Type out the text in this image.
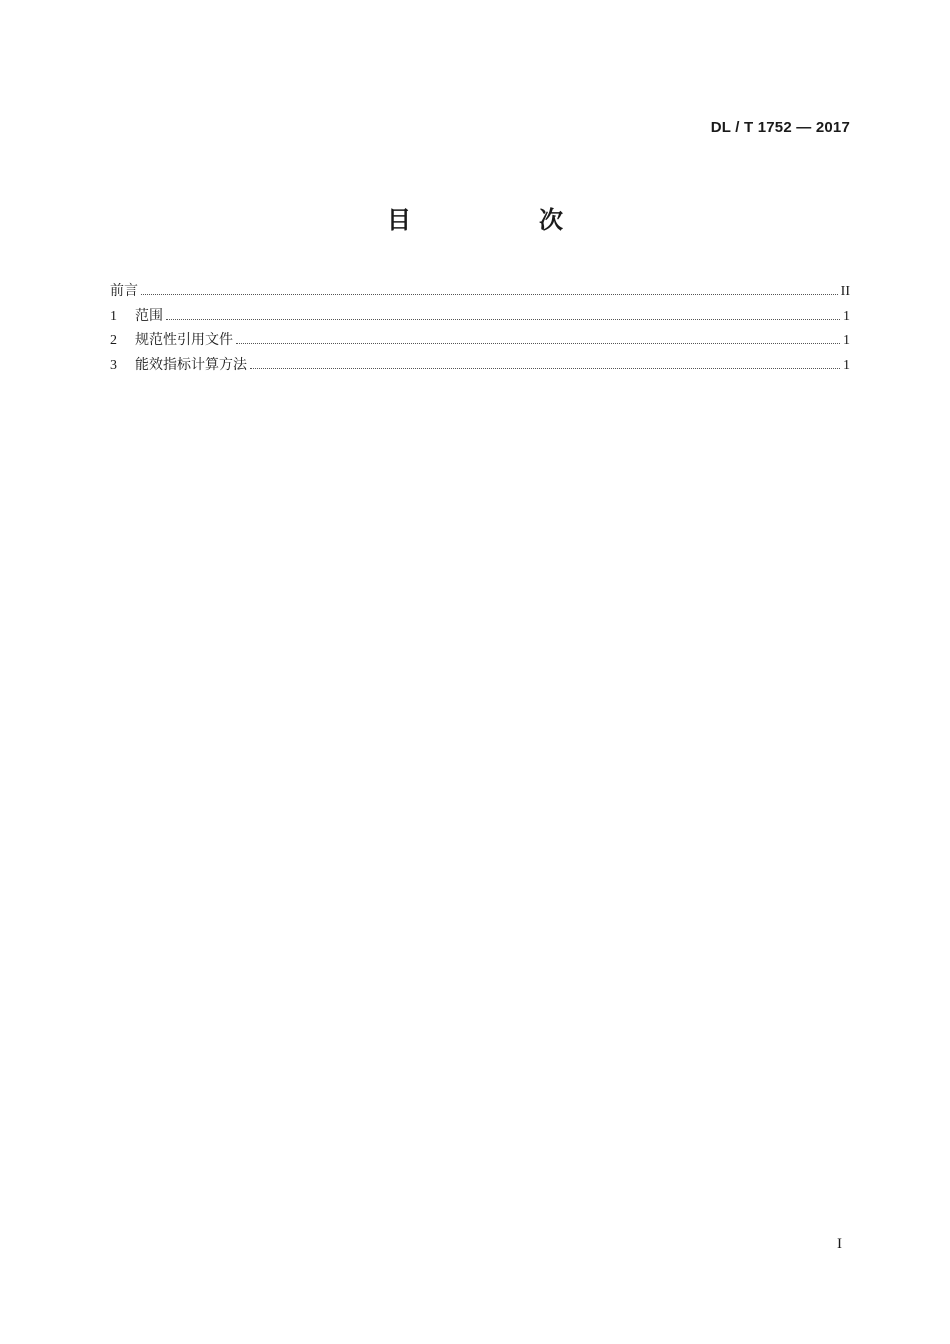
DL / T 1752 — 2017
目　次
前言	II
1	范围	1
2	规范性引用文件	1
3	能效指标计算方法	1
I
